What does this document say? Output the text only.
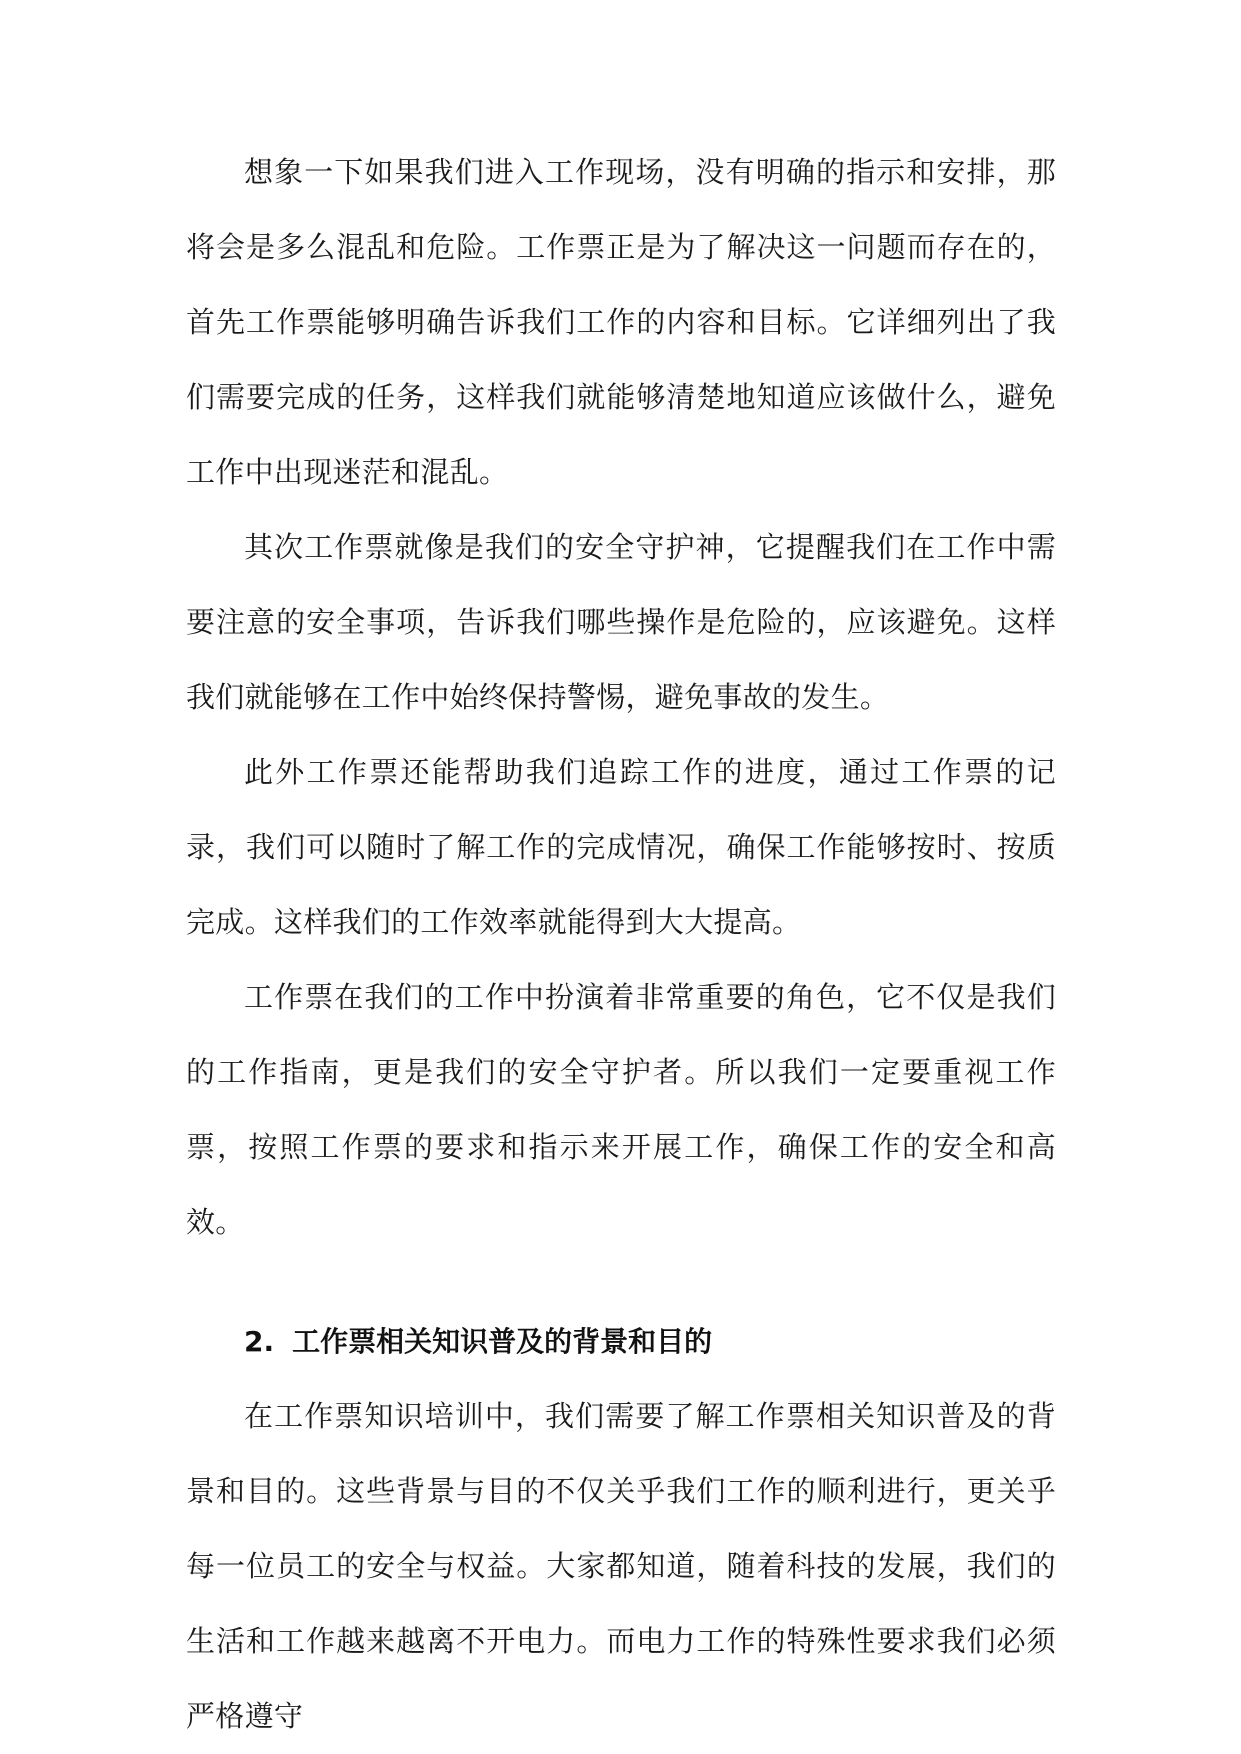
想象一下如果我们进入工作现场，没有明确的指示和安排，那将会是多么混乱和危险。工作票正是为了解决这一问题而存在的，首先工作票能够明确告诉我们工作的内容和目标。它详细列出了我们需要完成的任务，这样我们就能够清楚地知道应该做什么，避免工作中出现迷茫和混乱。

其次工作票就像是我们的安全守护神，它提醒我们在工作中需要注意的安全事项，告诉我们哪些操作是危险的，应该避免。这样我们就能够在工作中始终保持警惕，避免事故的发生。

此外工作票还能帮助我们追踪工作的进度，通过工作票的记录，我们可以随时了解工作的完成情况，确保工作能够按时、按质完成。这样我们的工作效率就能得到大大提高。

工作票在我们的工作中扮演着非常重要的角色，它不仅是我们的工作指南，更是我们的安全守护者。所以我们一定要重视工作票，按照工作票的要求和指示来开展工作，确保工作的安全和高效。

2. 工作票相关知识普及的背景和目的

在工作票知识培训中，我们需要了解工作票相关知识普及的背景和目的。这些背景与目的不仅关乎我们工作的顺利进行，更关乎每一位员工的安全与权益。大家都知道，随着科技的发展，我们的生活和工作越来越离不开电力。而电力工作的特殊性要求我们必须严格遵守
